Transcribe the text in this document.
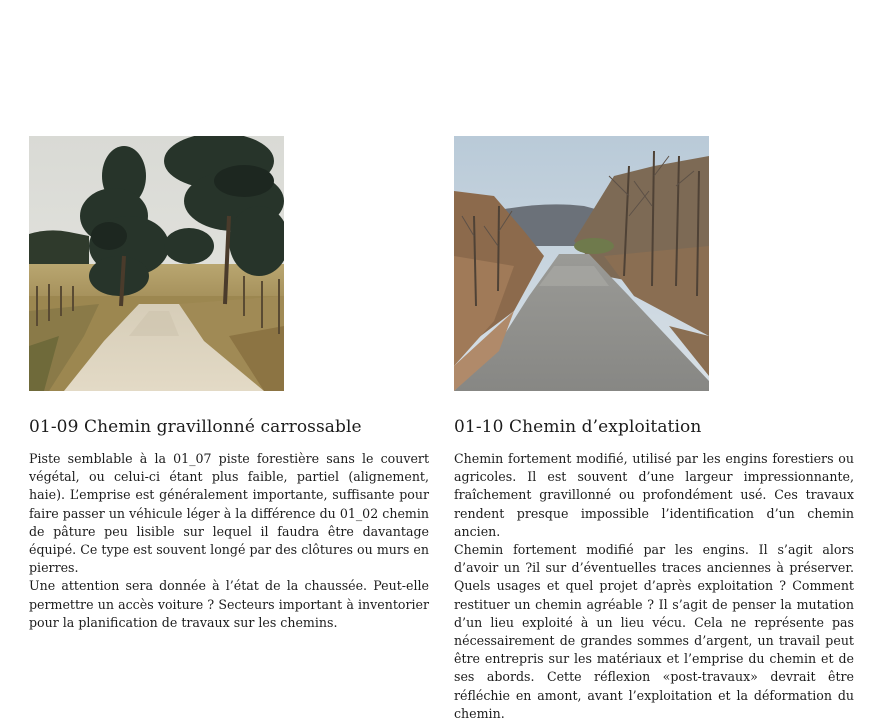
01-09 Chemin gravillonné carrossable

Piste semblable à la 01_07 piste forestière sans le couvert végétal, ou celui-ci étant plus faible, partiel (alignement, haie). L’emprise est généralement importante, suffisante pour faire passer un véhicule léger à la différence du 01_02 chemin de pâture peu lisible sur lequel il faudra être davantage équipé. Ce type est souvent longé par des clôtures ou murs en pierres.

Une attention sera donnée à l’état de la chaussée. Peut-elle permettre un accès voiture ? Secteurs important à inventorier pour la planification de travaux sur les chemins.

01-10 Chemin d’exploitation

Chemin fortement modifié, utilisé par les engins forestiers ou agricoles. Il est souvent d’une largeur impressionnante, fraîchement gravillonné ou profondément usé. Ces travaux rendent presque impossible l’identification d’un chemin ancien.

Chemin fortement modifié par les engins. Il s’agit alors d’avoir un ?il sur d’éventuelles traces anciennes à préserver. Quels usages et quel projet d’après exploitation ? Comment restituer un chemin agréable ? Il s’agit de penser la mutation d’un lieu exploité à un lieu vécu. Cela ne représente pas nécessairement de grandes sommes d’argent, un travail peut être entrepris sur les matériaux et l’emprise du chemin et de ses abords. Cette réflexion «post-travaux» devrait être réfléchie en amont, avant l’exploitation et la déformation du chemin.
